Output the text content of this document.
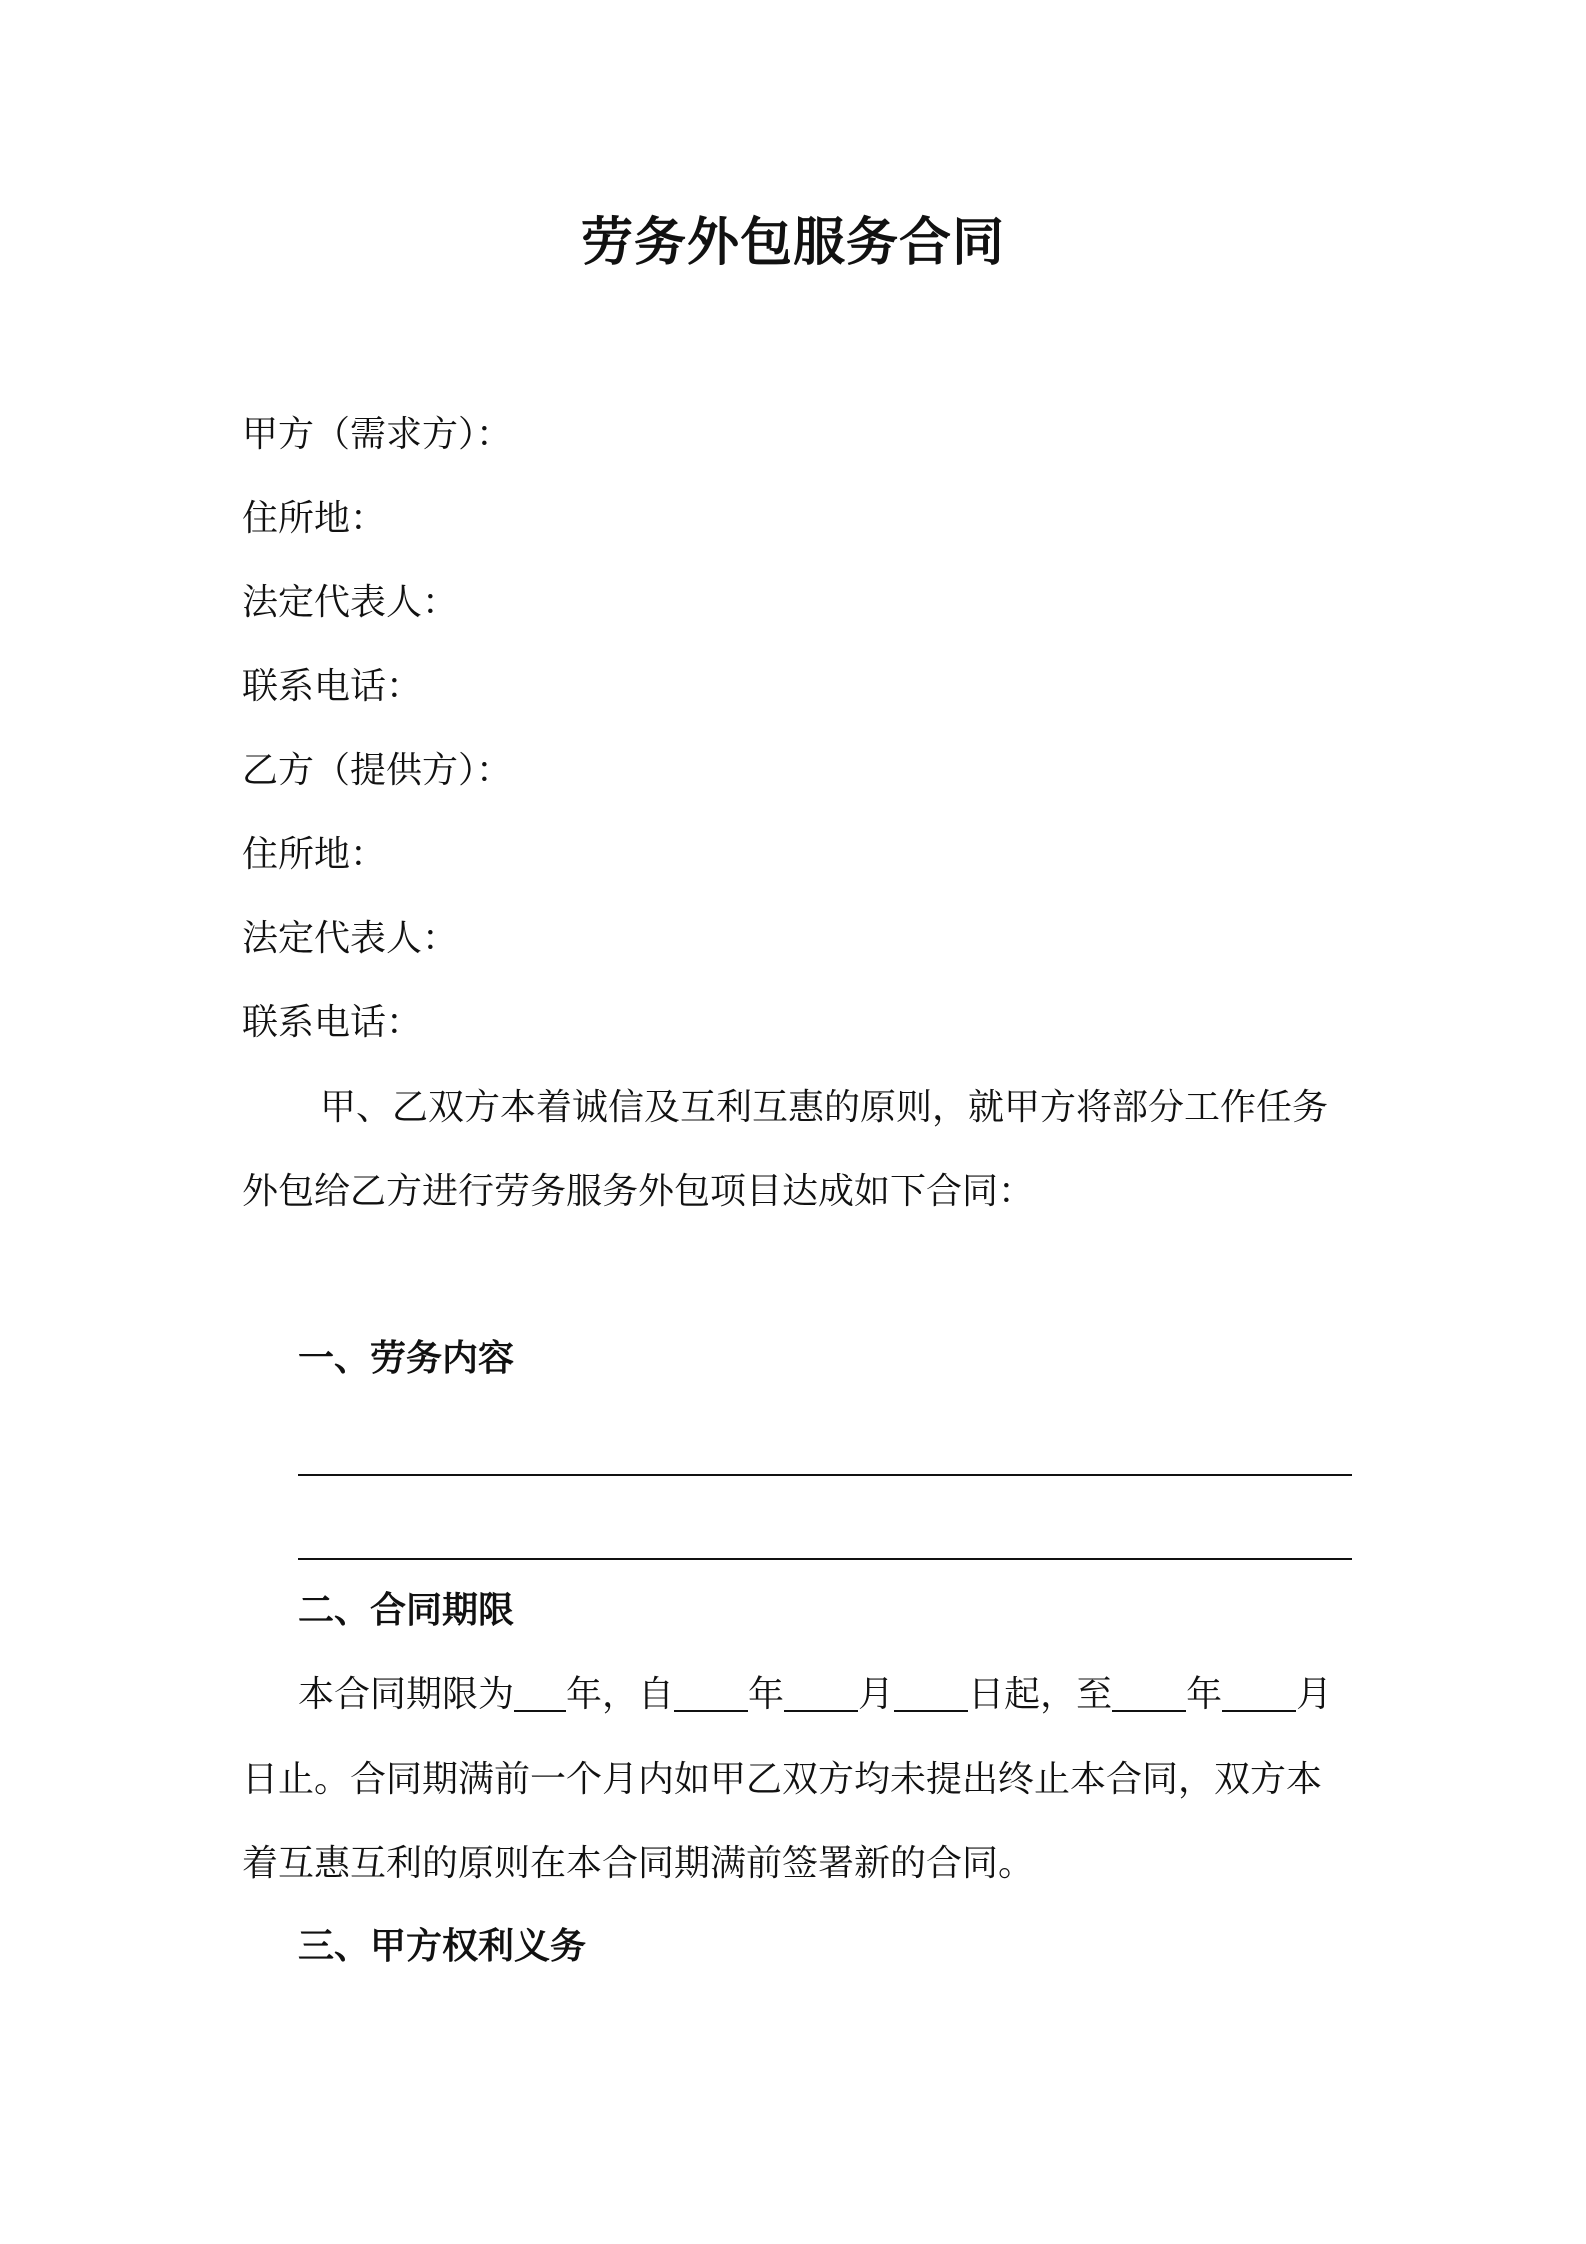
劳务外包服务合同
甲方（需求方）：
住所地：
法定代表人：
联系电话：
乙方（提供方）：
住所地：
法定代表人：
联系电话：
甲、乙双方本着诚信及互利互惠的原则，就甲方将部分工作任务外包给乙方进行劳务服务外包项目达成如下合同：
一、劳务内容
二、合同期限
本合同期限为 年，自 年 月 日起，至 年 月
日止。合同期满前一个月内如甲乙双方均未提出终止本合同，双方本着互惠互利的原则在本合同期满前签署新的合同。
三、甲方权利义务
